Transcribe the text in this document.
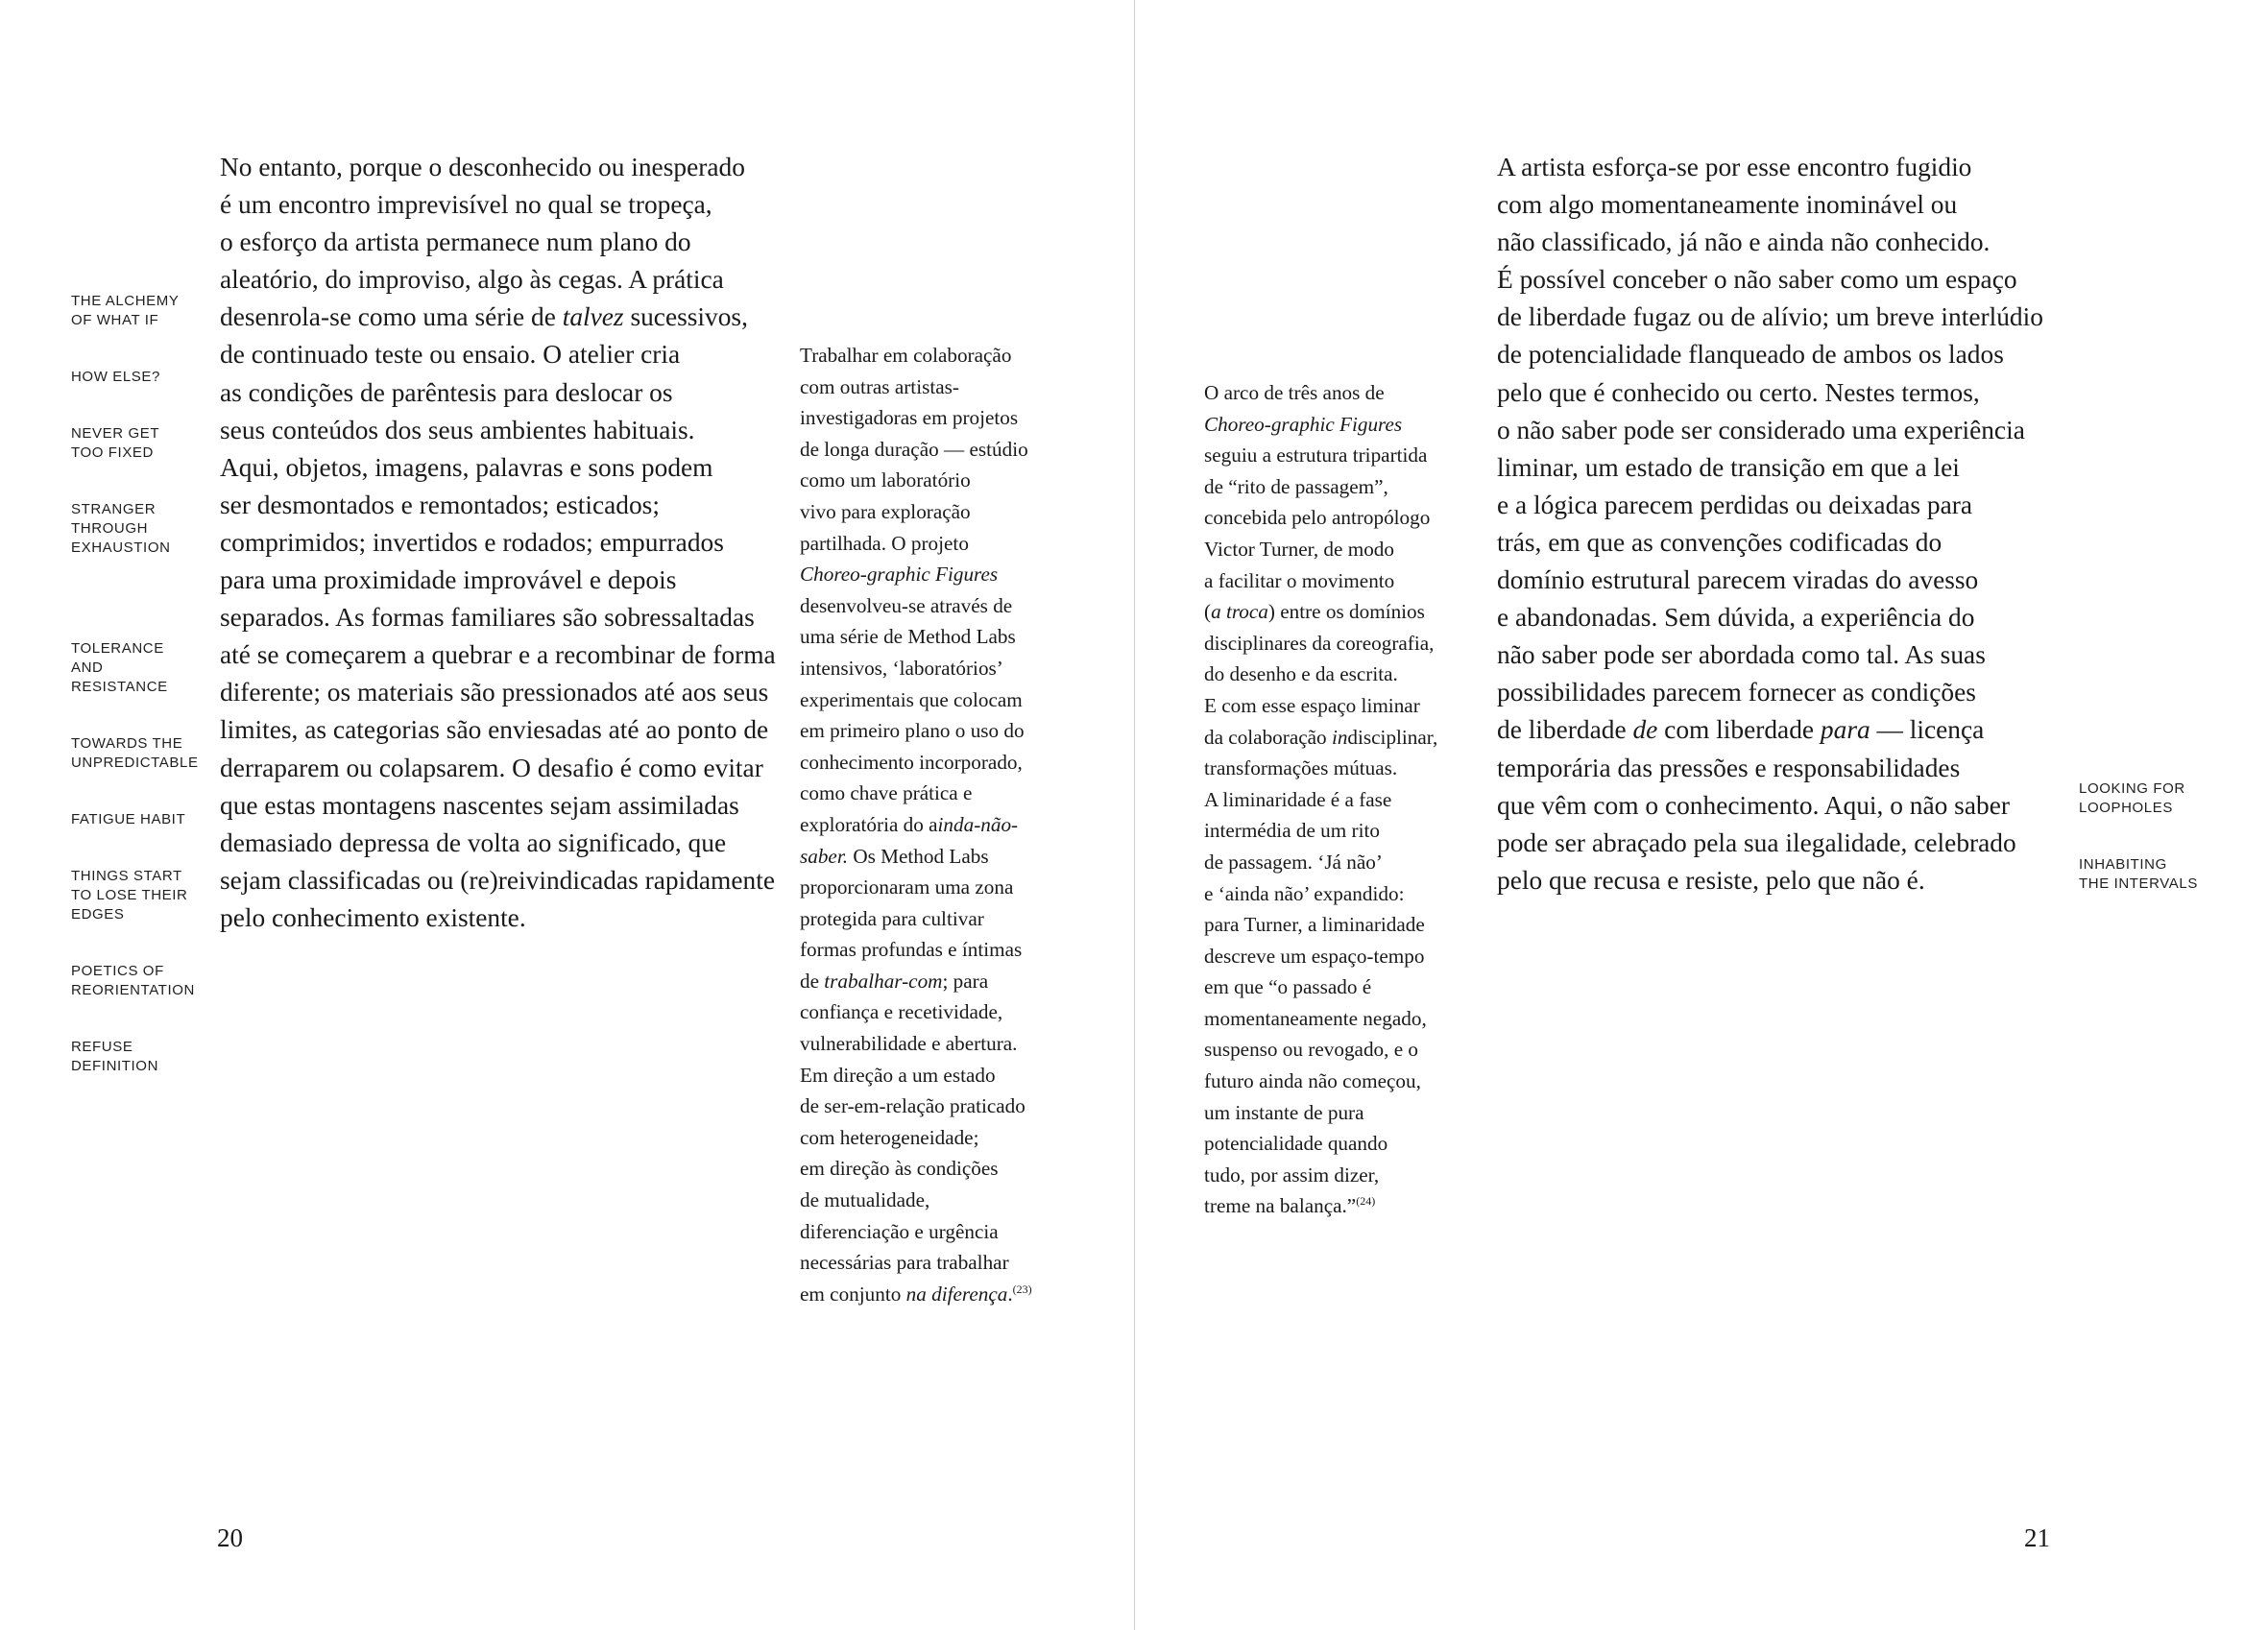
THE ALCHEMY
OF WHAT IF

HOW ELSE?

NEVER GET
TOO FIXED

STRANGER
THROUGH
EXHAUSTION

TOLERANCE
AND
RESISTANCE

TOWARDS THE
UNPREDICTABLE

FATIGUE HABIT

THINGS START
TO LOSE THEIR
EDGES

POETICS OF
REORIENTATION

REFUSE
DEFINITION

No entanto, porque o desconhecido ou inesperado
é um encontro imprevisível no qual se tropeça,
o esforço da artista permanece num plano do
aleatório, do improviso, algo às cegas. A prática
desenrola-se como uma série de talvez sucessivos,
de continuado teste ou ensaio. O atelier cria
as condições de parêntesis para deslocar os
seus conteúdos dos seus ambientes habituais.
Aqui, objetos, imagens, palavras e sons podem
ser desmontados e remontados; esticados;
comprimidos; invertidos e rodados; empurrados
para uma proximidade improvável e depois
separados. As formas familiares são sobressaltadas
até se começarem a quebrar e a recombinar de forma
diferente; os materiais são pressionados até aos seus
limites, as categorias são enviesadas até ao ponto de
derraparem ou colapsarem. O desafio é como evitar
que estas montagens nascentes sejam assimiladas
demasiado depressa de volta ao significado, que
sejam classificadas ou (re)reivindicadas rapidamente
pelo conhecimento existente.
Trabalhar em colaboração
com outras artistas-
investigadoras em projetos
de longa duração — estúdio
como um laboratório
vivo para exploração
partilhada. O projeto
Choreo-graphic Figures
desenvolveu-se através de
uma série de Method Labs
intensivos, ‘laboratórios’
experimentais que colocam
em primeiro plano o uso do
conhecimento incorporado,
como chave prática e
exploratória do ainda-não-
saber. Os Method Labs
proporcionaram uma zona
protegida para cultivar
formas profundas e íntimas
de trabalhar-com; para
confiança e recetividade,
vulnerabilidade e abertura.
Em direção a um estado
de ser-em-relação praticado
com heterogeneidade;
em direção às condições
de mutualidade,
diferenciação e urgência
necessárias para trabalhar
em conjunto na diferença.$^{(23)}$
20
O arco de três anos de
Choreo-graphic Figures
seguiu a estrutura tripartida
de “rito de passagem”,
concebida pelo antropólogo
Victor Turner, de modo
a facilitar o movimento
(a troca) entre os domínios
disciplinares da coreografia,
do desenho e da escrita.
E com esse espaço liminar
da colaboração indisciplinar,
transformações mútuas.
A liminaridade é a fase
intermédia de um rito
de passagem. ‘Já não’
e ‘ainda não’ expandido:
para Turner, a liminaridade
descreve um espaço-tempo
em que “o passado é
momentaneamente negado,
suspenso ou revogado, e o
futuro ainda não começou,
um instante de pura
potencialidade quando
tudo, por assim dizer,
treme na balança.”$^{(24)}$
A artista esforça-se por esse encontro fugidio
com algo momentaneamente inominável ou
não classificado, já não e ainda não conhecido.
É possível conceber o não saber como um espaço
de liberdade fugaz ou de alívio; um breve interlúdio
de potencialidade flanqueado de ambos os lados
pelo que é conhecido ou certo. Nestes termos,
o não saber pode ser considerado uma experiência
liminar, um estado de transição em que a lei
e a lógica parecem perdidas ou deixadas para
trás, em que as convenções codificadas do
domínio estrutural parecem viradas do avesso
e abandonadas. Sem dúvida, a experiência do
não saber pode ser abordada como tal. As suas
possibilidades parecem fornecer as condições
de liberdade de com liberdade para — licença
temporária das pressões e responsabilidades
que vêm com o conhecimento. Aqui, o não saber
pode ser abraçado pela sua ilegalidade, celebrado
pelo que recusa e resiste, pelo que não é.

LOOKING FOR
LOOPHOLES

INHABITING
THE INTERVALS

21
